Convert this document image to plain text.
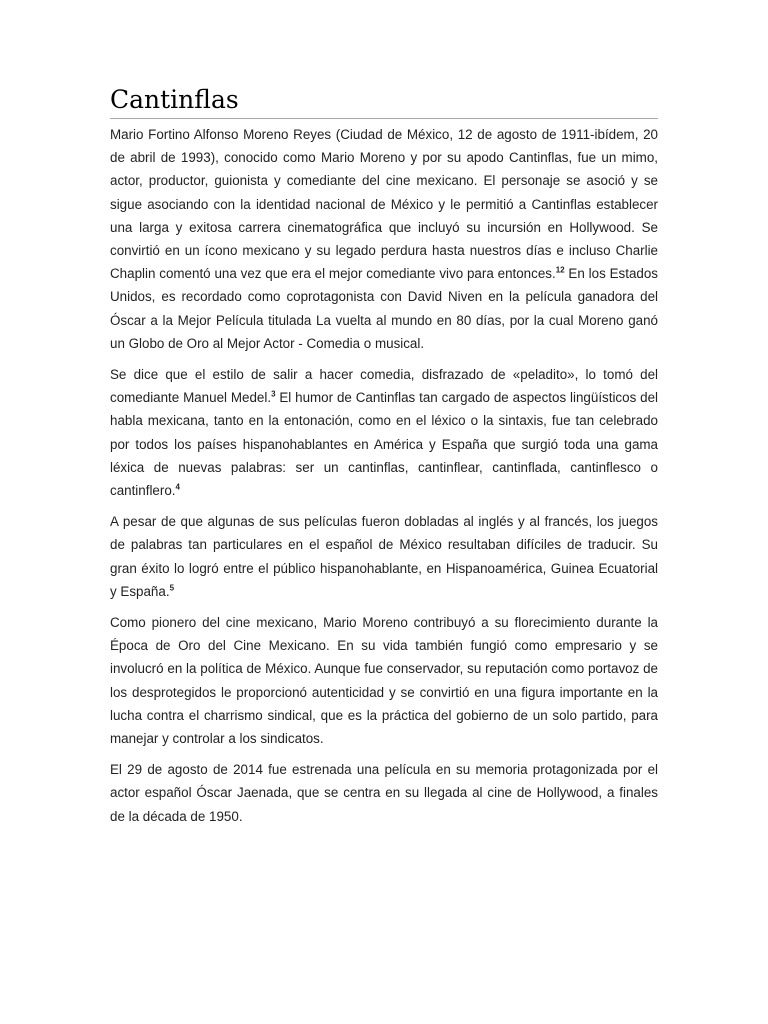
Cantinflas

Mario Fortino Alfonso Moreno Reyes (Ciudad de México, 12 de agosto de 1911-ibídem, 20 de abril de 1993), conocido como Mario Moreno y por su apodo Cantinflas, fue un mimo, actor, productor, guionista y comediante del cine mexicano. El personaje se asoció y se sigue asociando con la identidad nacional de México y le permitió a Cantinflas establecer una larga y exitosa carrera cinematográfica que incluyó su incursión en Hollywood. Se convirtió en un ícono mexicano y su legado perdura hasta nuestros días e incluso Charlie Chaplin comentó una vez que era el mejor comediante vivo para entonces.$^{12}$ En los Estados Unidos, es recordado como coprotagonista con David Niven en la película ganadora del Óscar a la Mejor Película titulada La vuelta al mundo en 80 días, por la cual Moreno ganó un Globo de Oro al Mejor Actor - Comedia o musical.

Se dice que el estilo de salir a hacer comedia, disfrazado de «peladito», lo tomó del comediante Manuel Medel.$^3$ El humor de Cantinflas tan cargado de aspectos lingüísticos del habla mexicana, tanto en la entonación, como en el léxico o la sintaxis, fue tan celebrado por todos los países hispanohablantes en América y España que surgió toda una gama léxica de nuevas palabras: ser un cantinflas, cantinflear, cantinflada, cantinflesco o cantinflero.$^4$

A pesar de que algunas de sus películas fueron dobladas al inglés y al francés, los juegos de palabras tan particulares en el español de México resultaban difíciles de traducir. Su gran éxito lo logró entre el público hispanohablante, en Hispanoamérica, Guinea Ecuatorial y España.$^5$

Como pionero del cine mexicano, Mario Moreno contribuyó a su florecimiento durante la Época de Oro del Cine Mexicano. En su vida también fungió como empresario y se involucró en la política de México. Aunque fue conservador, su reputación como portavoz de los desprotegidos le proporcionó autenticidad y se convirtió en una figura importante en la lucha contra el charrismo sindical, que es la práctica del gobierno de un solo partido, para manejar y controlar a los sindicatos.

El 29 de agosto de 2014 fue estrenada una película en su memoria protagonizada por el actor español Óscar Jaenada, que se centra en su llegada al cine de Hollywood, a finales de la década de 1950.
